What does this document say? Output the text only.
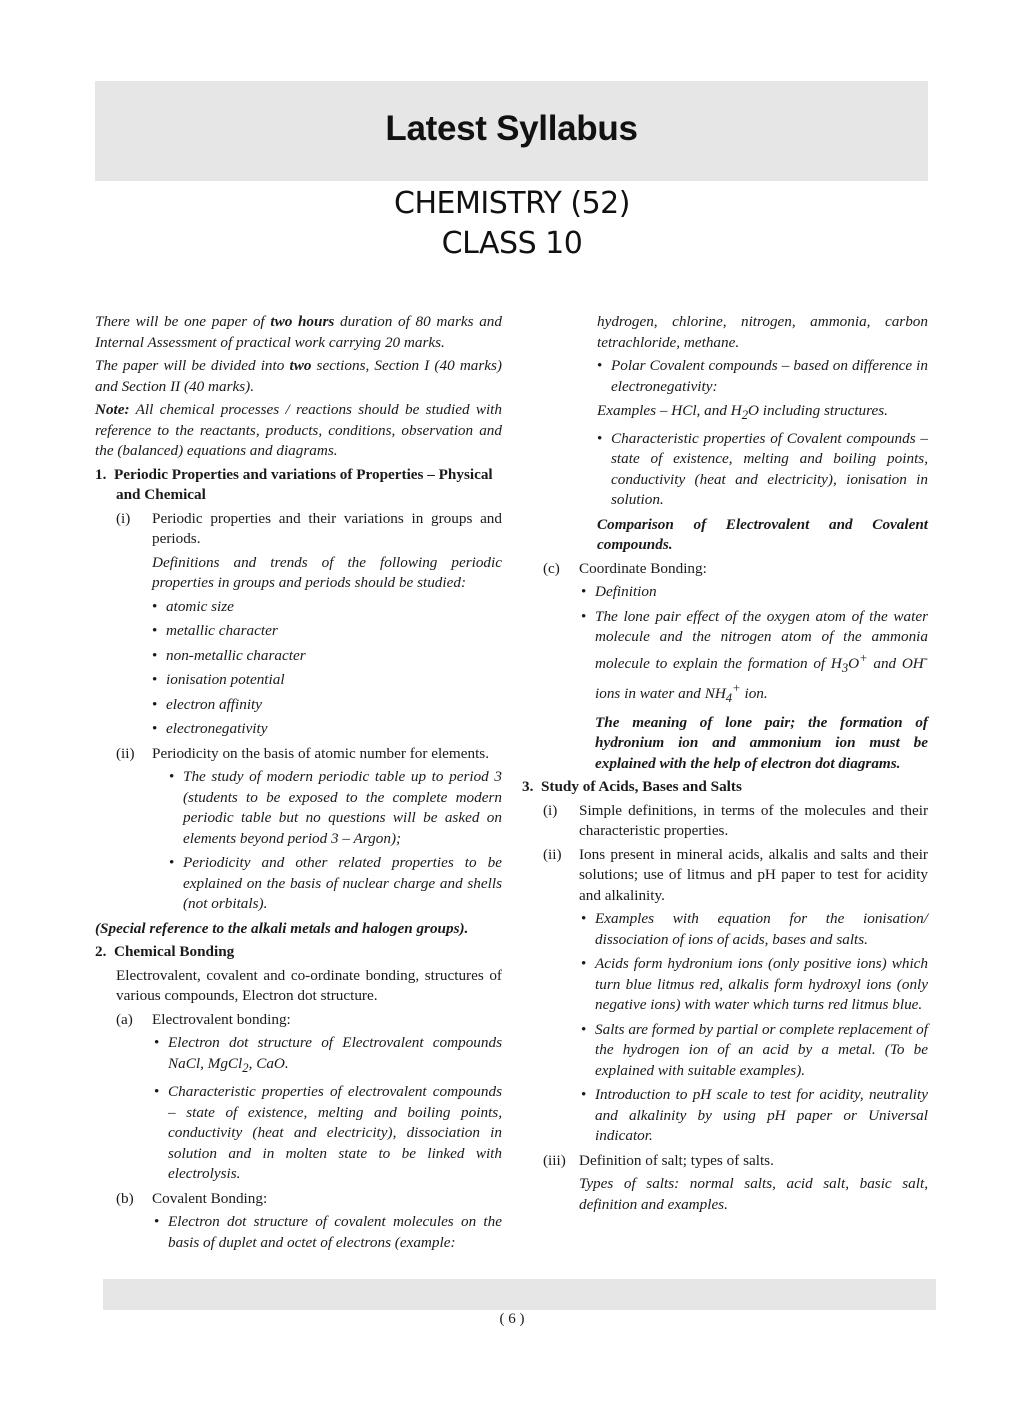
Latest Syllabus
CHEMISTRY (52)
CLASS 10

There will be one paper of two hours duration of 80 marks and Internal Assessment of practical work carrying 20 marks.

The paper will be divided into two sections, Section I (40 marks) and Section II (40 marks).

Note: All chemical processes / reactions should be studied with reference to the reactants, products, conditions, observation and the (balanced) equations and diagrams.

1. Periodic Properties and variations of Properties – Physical and Chemical
(i)	Periodic properties and their variations in groups and periods.

Definitions and trends of the following periodic properties in groups and periods should be studied:

• atomic size
• metallic character
• non-metallic character
• ionisation potential
• electron affinity
• electronegativity
(ii)	Periodicity on the basis of atomic number for elements.
• The study of modern periodic table up to period 3 (students to be exposed to the complete modern periodic table but no questions will be asked on elements beyond period 3 – Argon);
• Periodicity and other related properties to be explained on the basis of nuclear charge and shells (not orbitals).

(Special reference to the alkali metals and halogen groups).

2. Chemical Bonding

Electrovalent, covalent and co-ordinate bonding, structures of various compounds, Electron dot structure.

(a)	Electrovalent bonding:
• Electron dot structure of Electrovalent compounds NaCl, MgCl$_2$, CaO.
• Characteristic properties of electrovalent compounds – state of existence, melting and boiling points, conductivity (heat and electricity), dissociation in solution and in molten state to be linked with electrolysis.
(b)	Covalent Bonding:
• Electron dot structure of covalent molecules on the basis of duplet and octet of electrons (example:

hydrogen, chlorine, nitrogen, ammonia, carbon tetrachloride, methane.

• Polar Covalent compounds – based on difference in electronegativity:

Examples – HCl, and $H_2O$ including structures.

• Characteristic properties of Covalent compounds – state of existence, melting and boiling points, conductivity (heat and electricity), ionisation in solution.

Comparison of Electrovalent and Covalent compounds.

(c)	Coordinate Bonding:
• Definition
• The lone pair effect of the oxygen atom of the water molecule and the nitrogen atom of the ammonia molecule to explain the formation of $H_3O^+$ and OH- ions in water and $NH_4^+$ ion.

The meaning of lone pair; the formation of hydronium ion and ammonium ion must be explained with the help of electron dot diagrams.

3. Study of Acids, Bases and Salts
(i)	Simple definitions, in terms of the molecules and their characteristic properties.
(ii)	Ions present in mineral acids, alkalis and salts and their solutions; use of litmus and pH paper to test for acidity and alkalinity.
• Examples with equation for the ionisation/ dissociation of ions of acids, bases and salts.
• Acids form hydronium ions (only positive ions) which turn blue litmus red, alkalis form hydroxyl ions (only negative ions) with water which turns red litmus blue.
• Salts are formed by partial or complete replacement of the hydrogen ion of an acid by a metal. (To be explained with suitable examples).
• Introduction to pH scale to test for acidity, neutrality and alkalinity by using pH paper or Universal indicator.
(iii) Definition of salt; types of salts.

Types of salts: normal salts, acid salt, basic salt, definition and examples.

( 6 )
